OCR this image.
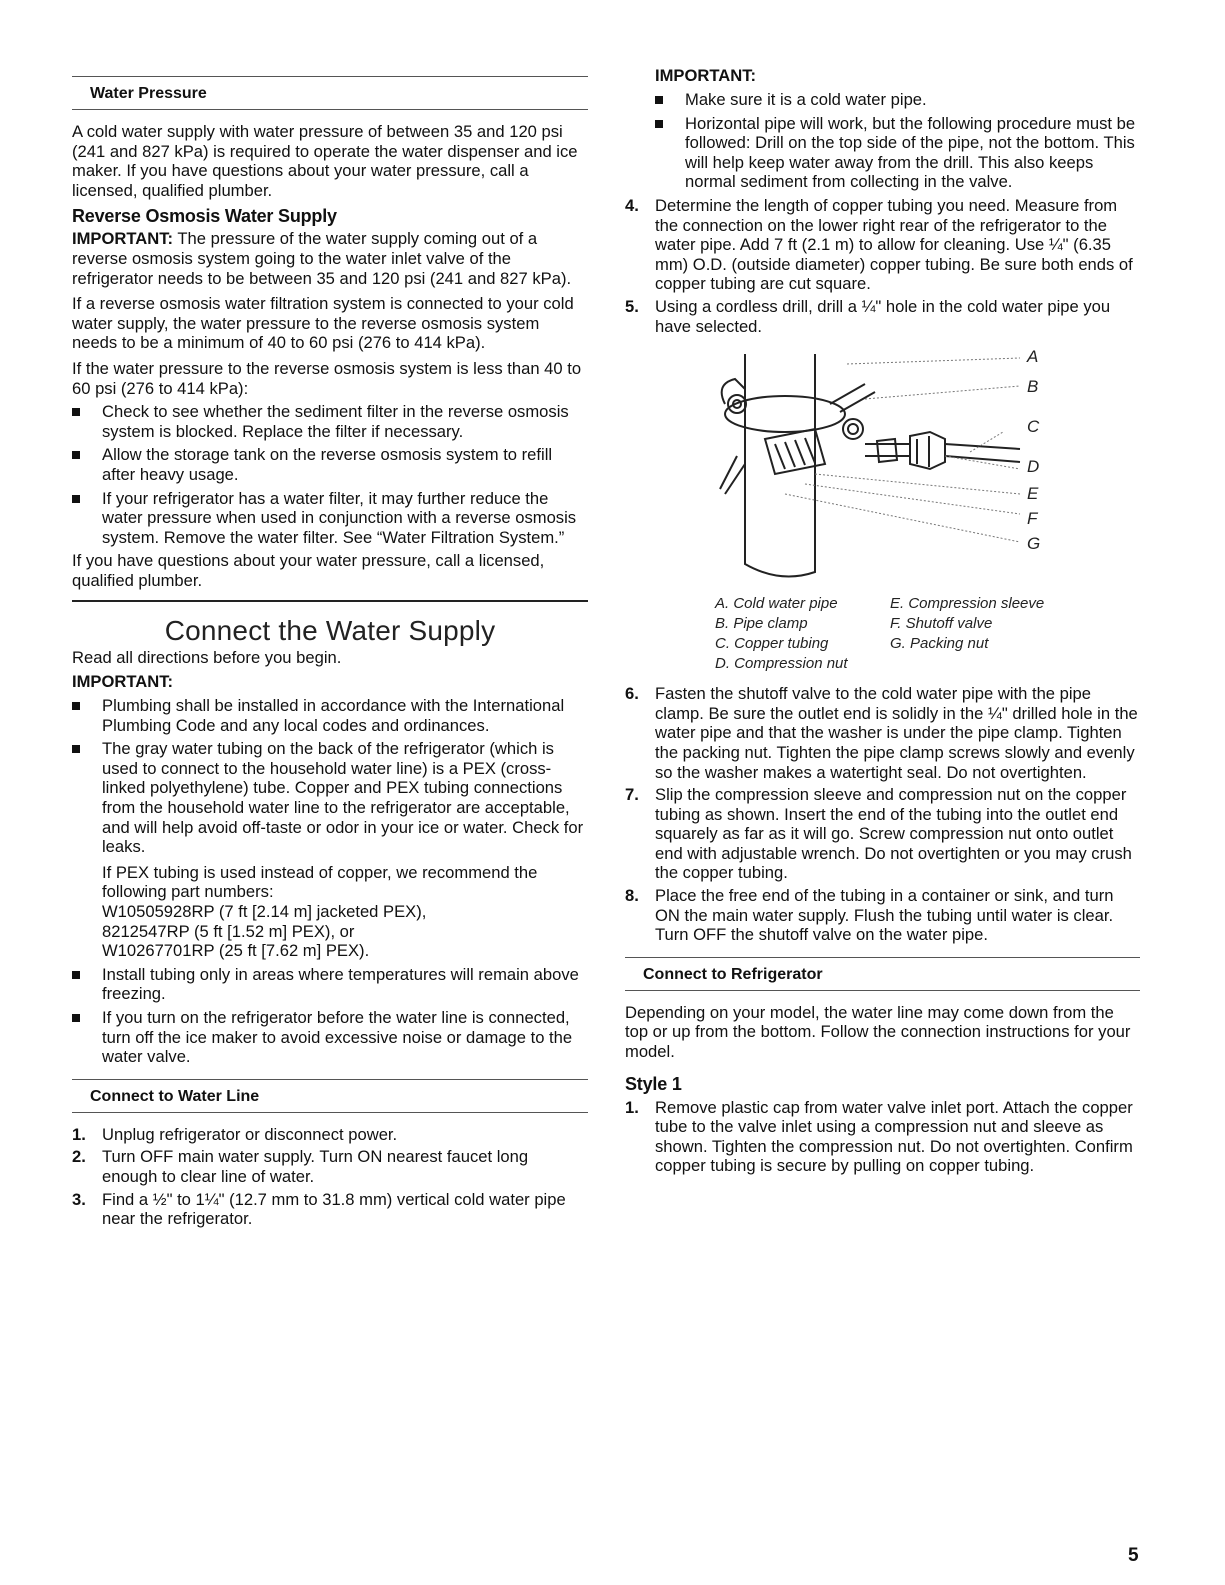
Water Pressure

A cold water supply with water pressure of between 35 and 120 psi (241 and 827 kPa) is required to operate the water dispenser and ice maker. If you have questions about your water pressure, call a licensed, qualified plumber.

Reverse Osmosis Water Supply

IMPORTANT: The pressure of the water supply coming out of a reverse osmosis system going to the water inlet valve of the refrigerator needs to be between 35 and 120 psi (241 and 827 kPa).

If a reverse osmosis water filtration system is connected to your cold water supply, the water pressure to the reverse osmosis system needs to be a minimum of 40 to 60 psi (276 to 414 kPa).

If the water pressure to the reverse osmosis system is less than 40 to 60 psi (276 to 414 kPa):

Check to see whether the sediment filter in the reverse osmosis system is blocked. Replace the filter if necessary.

Allow the storage tank on the reverse osmosis system to refill after heavy usage.

If your refrigerator has a water filter, it may further reduce the water pressure when used in conjunction with a reverse osmosis system. Remove the water filter. See “Water Filtration System.”

If you have questions about your water pressure, call a licensed, qualified plumber.

Connect the Water Supply

Read all directions before you begin.

IMPORTANT:

Plumbing shall be installed in accordance with the International Plumbing Code and any local codes and ordinances.

The gray water tubing on the back of the refrigerator (which is used to connect to the household water line) is a PEX (cross-linked polyethylene) tube. Copper and PEX tubing connections from the household water line to the refrigerator are acceptable, and will help avoid off-taste or odor in your ice or water. Check for leaks.

If PEX tubing is used instead of copper, we recommend the following part numbers:

W10505928RP (7 ft [2.14 m] jacketed PEX),

8212547RP (5 ft [1.52 m] PEX), or

W10267701RP (25 ft [7.62 m] PEX).

Install tubing only in areas where temperatures will remain above freezing.

If you turn on the refrigerator before the water line is connected, turn off the ice maker to avoid excessive noise or damage to the water valve.

Connect to Water Line
1. Unplug refrigerator or disconnect power.

2. Turn OFF main water supply. Turn ON nearest faucet long enough to clear line of water.

3. Find a ½" to 1¼" (12.7 mm to 31.8 mm) vertical cold water pipe near the refrigerator.

IMPORTANT:

Make sure it is a cold water pipe.

Horizontal pipe will work, but the following procedure must be followed: Drill on the top side of the pipe, not the bottom. This will help keep water away from the drill. This also keeps normal sediment from collecting in the valve.

4. Determine the length of copper tubing you need. Measure from the connection on the lower right rear of the refrigerator to the water pipe. Add 7 ft (2.1 m) to allow for cleaning. Use ¼" (6.35 mm) O.D. (outside diameter) copper tubing. Be sure both ends of copper tubing are cut square.

5. Using a cordless drill, drill a ¼" hole in the cold water pipe you have selected.

A
B
C
D
E
F
G
A. Cold water pipe
B. Pipe clamp
C. Copper tubing
D. Compression nut
E. Compression sleeve
F. Shutoff valve
G. Packing nut
6. Fasten the shutoff valve to the cold water pipe with the pipe clamp. Be sure the outlet end is solidly in the ¼" drilled hole in the water pipe and that the washer is under the pipe clamp. Tighten the packing nut. Tighten the pipe clamp screws slowly and evenly so the washer makes a watertight seal. Do not overtighten.

7. Slip the compression sleeve and compression nut on the copper tubing as shown. Insert the end of the tubing into the outlet end squarely as far as it will go. Screw compression nut onto outlet end with adjustable wrench. Do not overtighten or you may crush the copper tubing.

8. Place the free end of the tubing in a container or sink, and turn ON the main water supply. Flush the tubing until water is clear. Turn OFF the shutoff valve on the water pipe.

Connect to Refrigerator

Depending on your model, the water line may come down from the top or up from the bottom. Follow the connection instructions for your model.

Style 1
1. Remove plastic cap from water valve inlet port. Attach the copper tube to the valve inlet using a compression nut and sleeve as shown. Tighten the compression nut. Do not overtighten. Confirm copper tubing is secure by pulling on copper tubing.

5
